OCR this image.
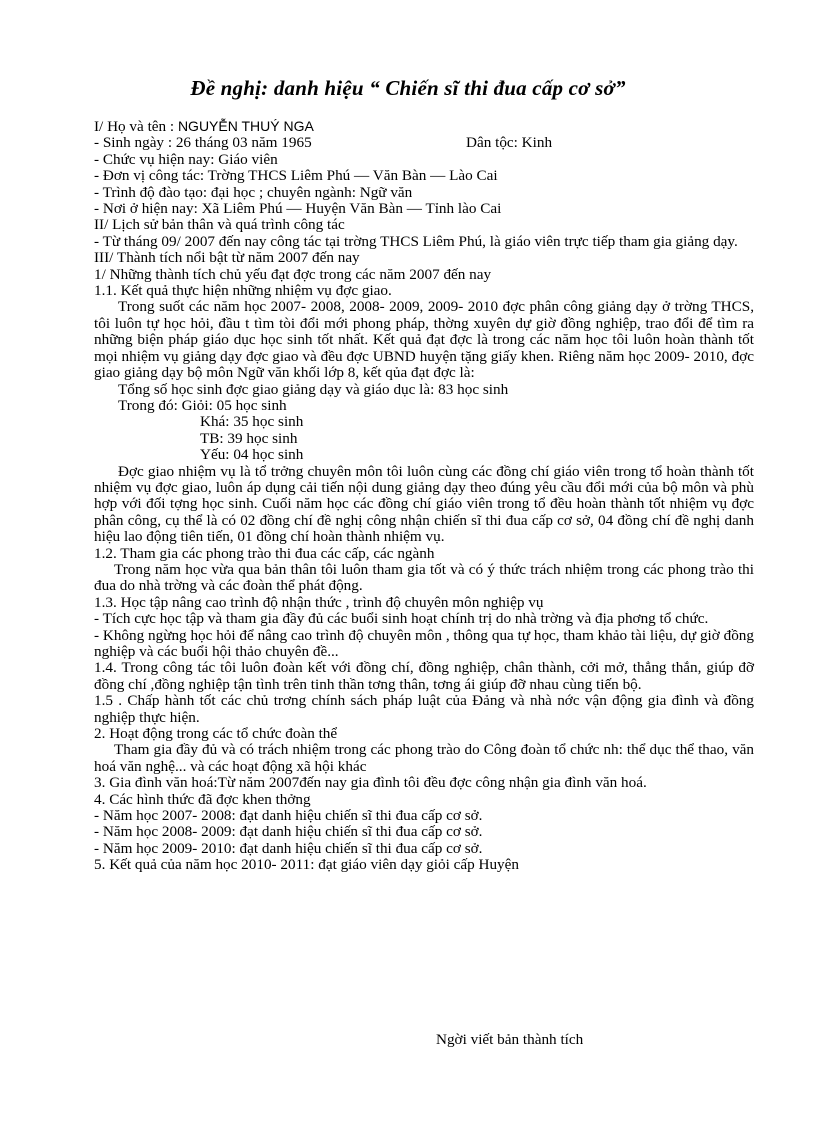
Đề nghị: danh hiệu “ Chiến sĩ thi đua cấp cơ sở”

I/ Họ và tên : NGUYỄN THUÝ NGA

- Sinh ngày : 26 tháng 03 năm 1965	Dân tộc: Kinh

- Chức vụ hiện nay: Giáo viên

- Đơn vị công tác: Trờng THCS Liêm Phú — Văn Bàn — Lào Cai

- Trình độ đào tạo: đại học ; chuyên ngành: Ngữ văn

- Nơi ở hiện nay: Xã Liêm Phú — Huyện Văn Bàn — Tỉnh lào Cai

II/ Lịch sử bản thân và quá trình công tác

- Từ tháng 09/ 2007 đến nay công tác tại trờng THCS Liêm Phú, là giáo viên trực tiếp tham gia giảng dạy.

III/ Thành tích nổi bật từ năm 2007 đến nay

1/ Những thành tích chủ yếu đạt đợc trong các năm 2007 đến nay

1.1. Kết quả thực hiện những nhiệm vụ đợc giao.

Trong suốt các năm học 2007- 2008, 2008- 2009, 2009- 2010 đợc phân công giảng dạy ở trờng THCS, tôi luôn tự học hỏi, đầu t tìm tòi đổi mới phong pháp, thờng xuyên dự giờ đồng nghiệp, trao đổi để tìm ra những biện pháp giáo dục học sinh tốt nhất. Kết quả đạt đợc là trong các năm học tôi luôn hoàn thành tốt mọi nhiệm vụ giảng dạy đợc giao và đều đợc UBND huyện tặng giấy khen. Riêng năm học 2009- 2010, đợc giao giảng dạy bộ môn Ngữ văn khối lớp 8, kết qủa đạt đợc là:

Tổng số học sinh đợc giao giảng dạy và giáo dục là: 83 học sinh

Trong đó: Giỏi: 05 học sinh

Khá: 35 học sinh

TB: 39 học sinh

Yếu: 04 học sinh

Đợc giao nhiệm vụ là tổ trởng chuyên môn tôi luôn cùng các đồng chí giáo viên trong tổ hoàn thành tốt nhiệm vụ đợc giao, luôn áp dụng cải tiến nội dung giảng dạy theo đúng yêu cầu đổi mới của bộ môn và phù hợp với đối tợng học sinh. Cuối năm học các đồng chí giáo viên trong tổ đều hoàn thành tốt nhiệm vụ đợc phân công, cụ thể là có 02 đồng chí đề nghị công nhận chiến sĩ thi đua cấp cơ sở, 04 đồng chí đề nghị danh hiệu lao động tiên tiến, 01 đồng chí hoàn thành nhiệm vụ.

1.2. Tham gia các phong trào thi đua các cấp, các ngành

Trong năm học vừa qua bản thân tôi luôn tham gia tốt và có ý thức trách nhiệm trong các phong trào thi đua do nhà trờng và các đoàn thể phát động.

1.3. Học tập nâng cao trình độ nhận thức , trình độ chuyên môn nghiệp vụ

- Tích cực học tập và tham gia đầy đủ các buổi sinh hoạt chính trị do nhà trờng và địa phơng tổ chức.

- Không ngừng học hỏi để nâng cao trình độ chuyên môn , thông qua tự học, tham khảo tài liệu, dự giờ đồng nghiệp và các buổi hội thảo chuyên đề...

1.4. Trong công tác tôi luôn đoàn kết với đồng chí, đồng nghiệp, chân thành, cởi mở, thẳng thắn, giúp đỡ đồng chí ,đồng nghiệp tận tình trên tinh thần tơng thân, tơng ái giúp đỡ nhau cùng tiến bộ.

1.5 . Chấp hành tốt các chủ trơng chính sách pháp luật của Đảng và nhà nớc vận động gia đình và đồng nghiệp thực hiện.

2. Hoạt động trong các tổ chức đoàn thể

Tham gia đầy đủ và có trách nhiệm trong các phong trào do Công đoàn tổ chức nh: thể dục thể thao, văn hoá văn nghệ... và các hoạt động xã hội khác

3. Gia đình văn hoá:Từ năm 2007đến nay gia đình tôi đều đợc công nhận gia đình văn hoá.

4. Các hình thức đã đợc khen thởng

- Năm học 2007- 2008: đạt danh hiệu chiến sĩ thi đua cấp cơ sở.

- Năm học 2008- 2009: đạt danh hiệu chiến sĩ thi đua cấp cơ sở.

- Năm học 2009- 2010: đạt danh hiệu chiến sĩ thi đua cấp cơ sở.

5. Kết quả của năm học 2010- 2011: đạt giáo viên dạy giỏi cấp Huyện

Ngời viết bản thành tích
